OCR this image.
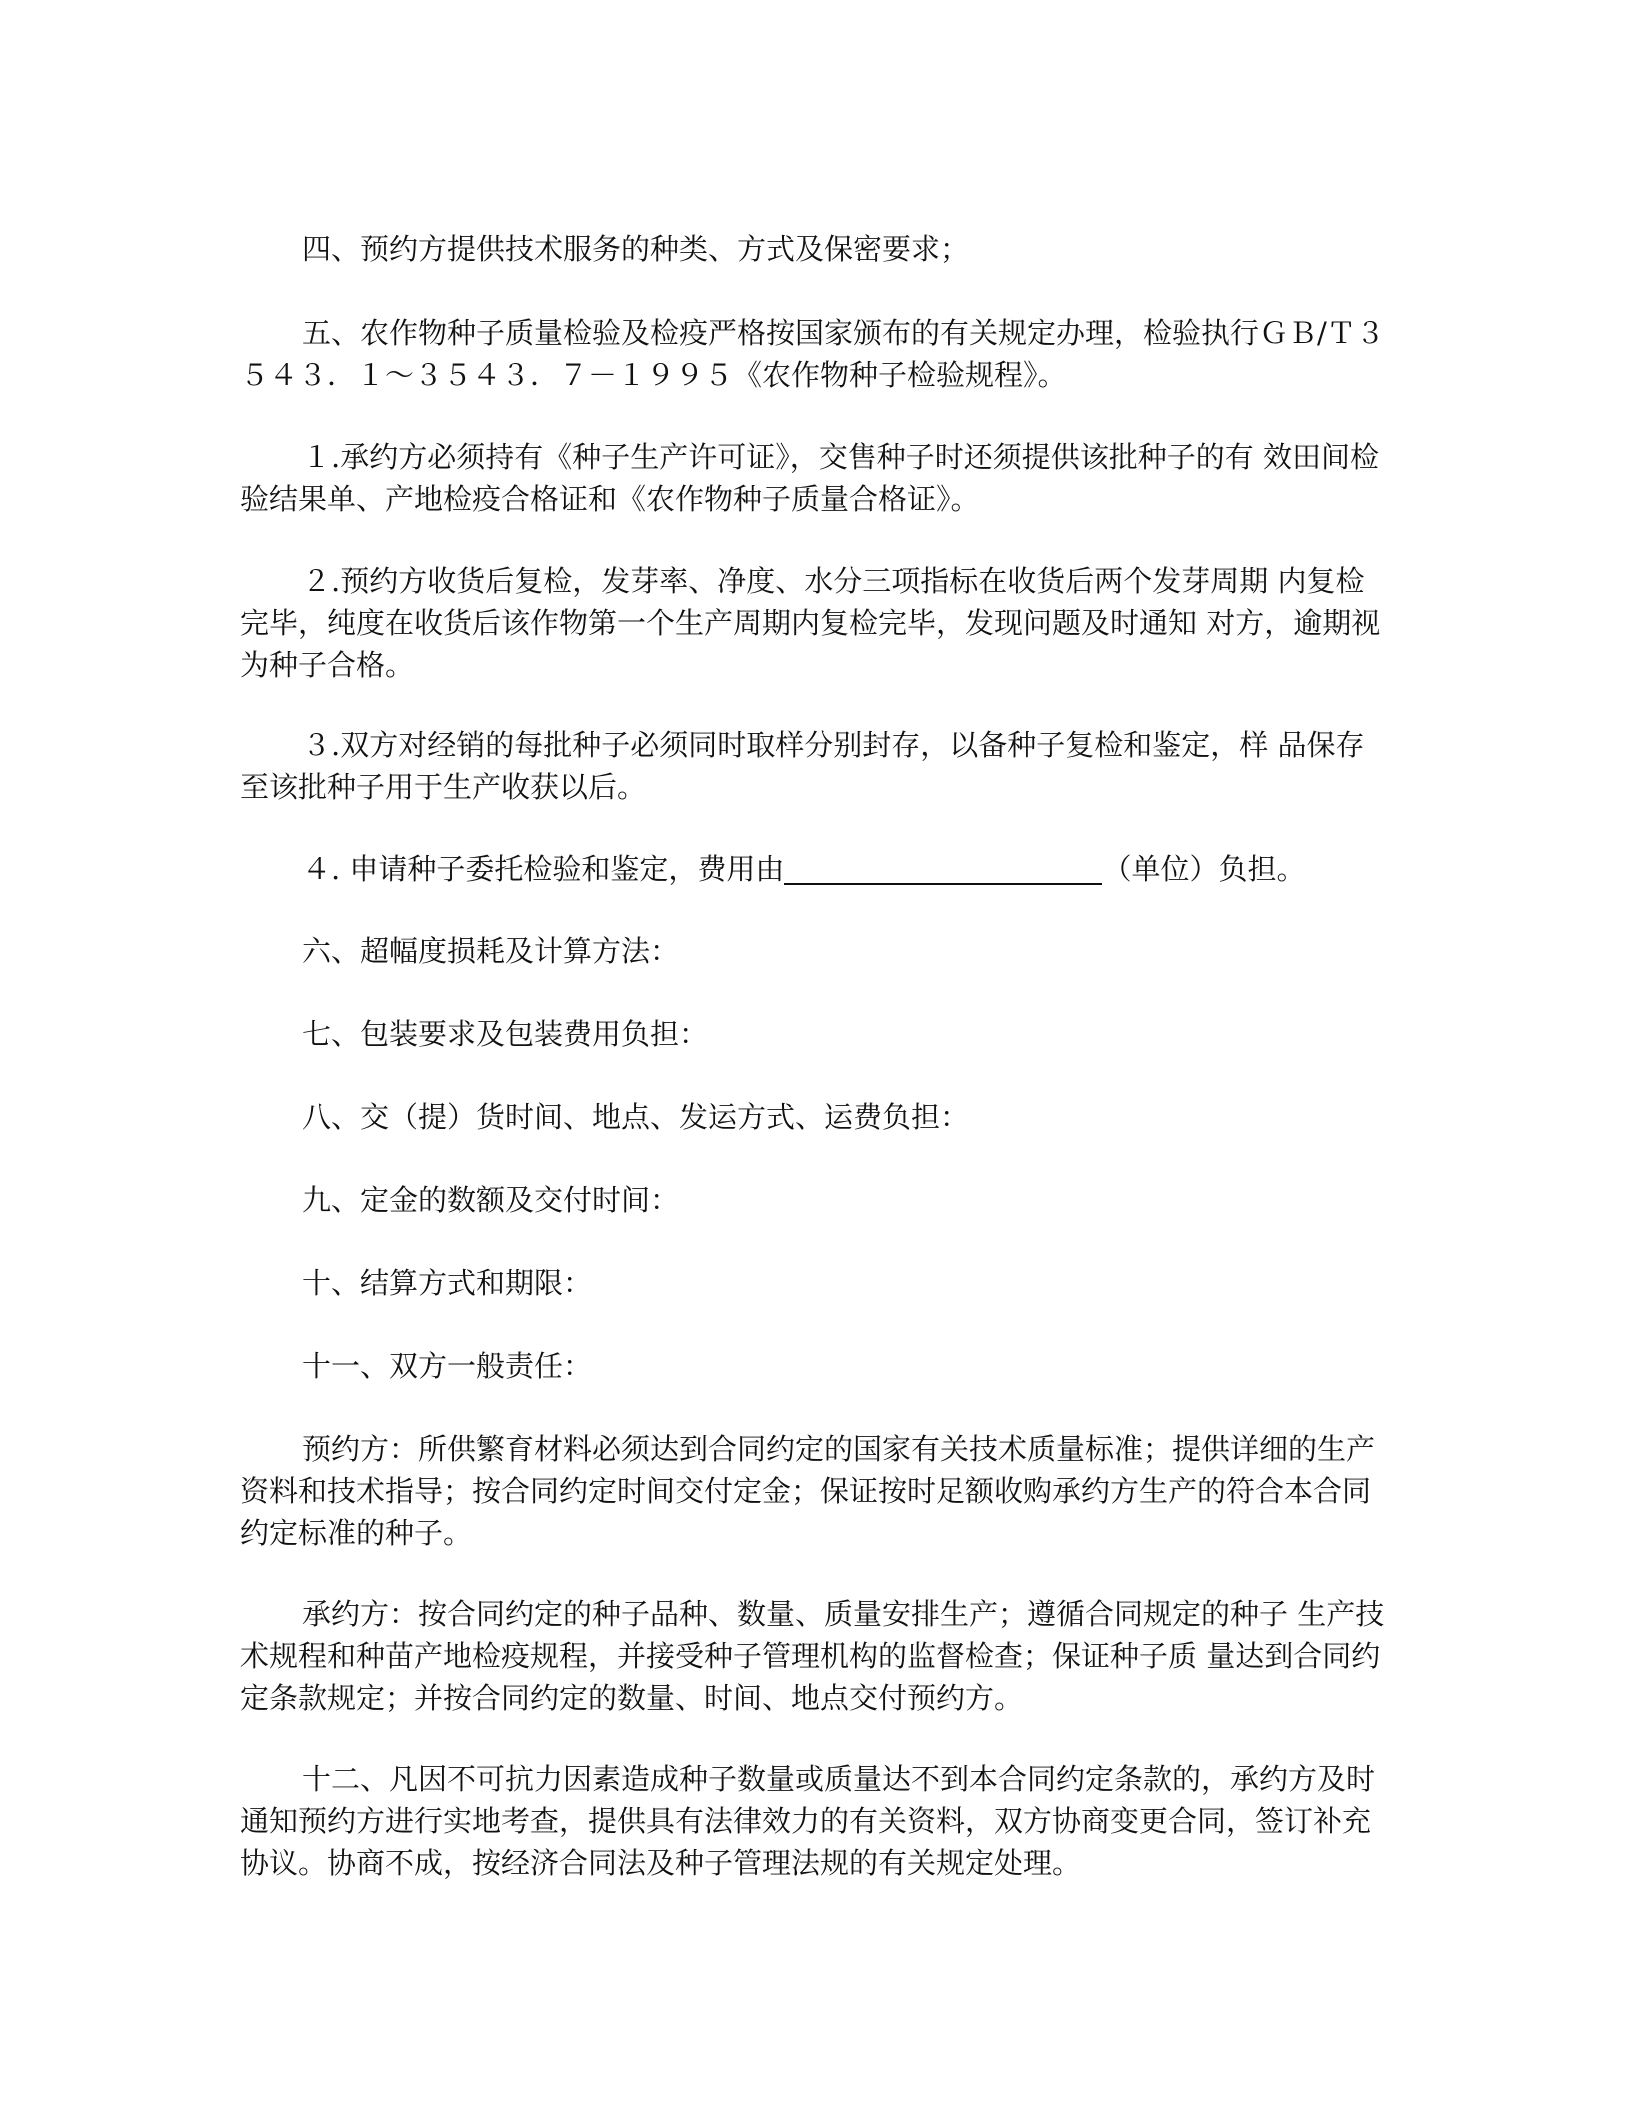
四、预约方提供技术服务的种类、方式及保密要求；

五、农作物种子质量检验及检疫严格按国家颁布的有关规定办理，检验执行ＧＢ/Ｔ３５４３．１～３５４３．７－１９９５《农作物种子检验规程》。

１.承约方必须持有《种子生产许可证》，交售种子时还须提供该批种子的有 效田间检验结果单、产地检疫合格证和《农作物种子质量合格证》。

２.预约方收货后复检，发芽率、净度、水分三项指标在收货后两个发芽周期 内复检完毕，纯度在收货后该作物第一个生产周期内复检完毕，发现问题及时通知 对方，逾期视为种子合格。

３.双方对经销的每批种子必须同时取样分别封存，以备种子复检和鉴定，样 品保存至该批种子用于生产收获以后。

４. 申请种子委托检验和鉴定，费用由	（单位）负担。

六、超幅度损耗及计算方法：

七、包装要求及包装费用负担：

八、交（提）货时间、地点、发运方式、运费负担：

九、定金的数额及交付时间：

十、结算方式和期限：

十一、双方一般责任：

预约方：所供繁育材料必须达到合同约定的国家有关技术质量标准；提供详细的生产资料和技术指导；按合同约定时间交付定金；保证按时足额收购承约方生产的符合本合同约定标准的种子。

承约方：按合同约定的种子品种、数量、质量安排生产；遵循合同规定的种子 生产技术规程和种苗产地检疫规程，并接受种子管理机构的监督检查；保证种子质 量达到合同约定条款规定；并按合同约定的数量、时间、地点交付预约方。

十二、凡因不可抗力因素造成种子数量或质量达不到本合同约定条款的，承约方及时通知预约方进行实地考查，提供具有法律效力的有关资料，双方协商变更合同，签订补充协议。协商不成，按经济合同法及种子管理法规的有关规定处理。
